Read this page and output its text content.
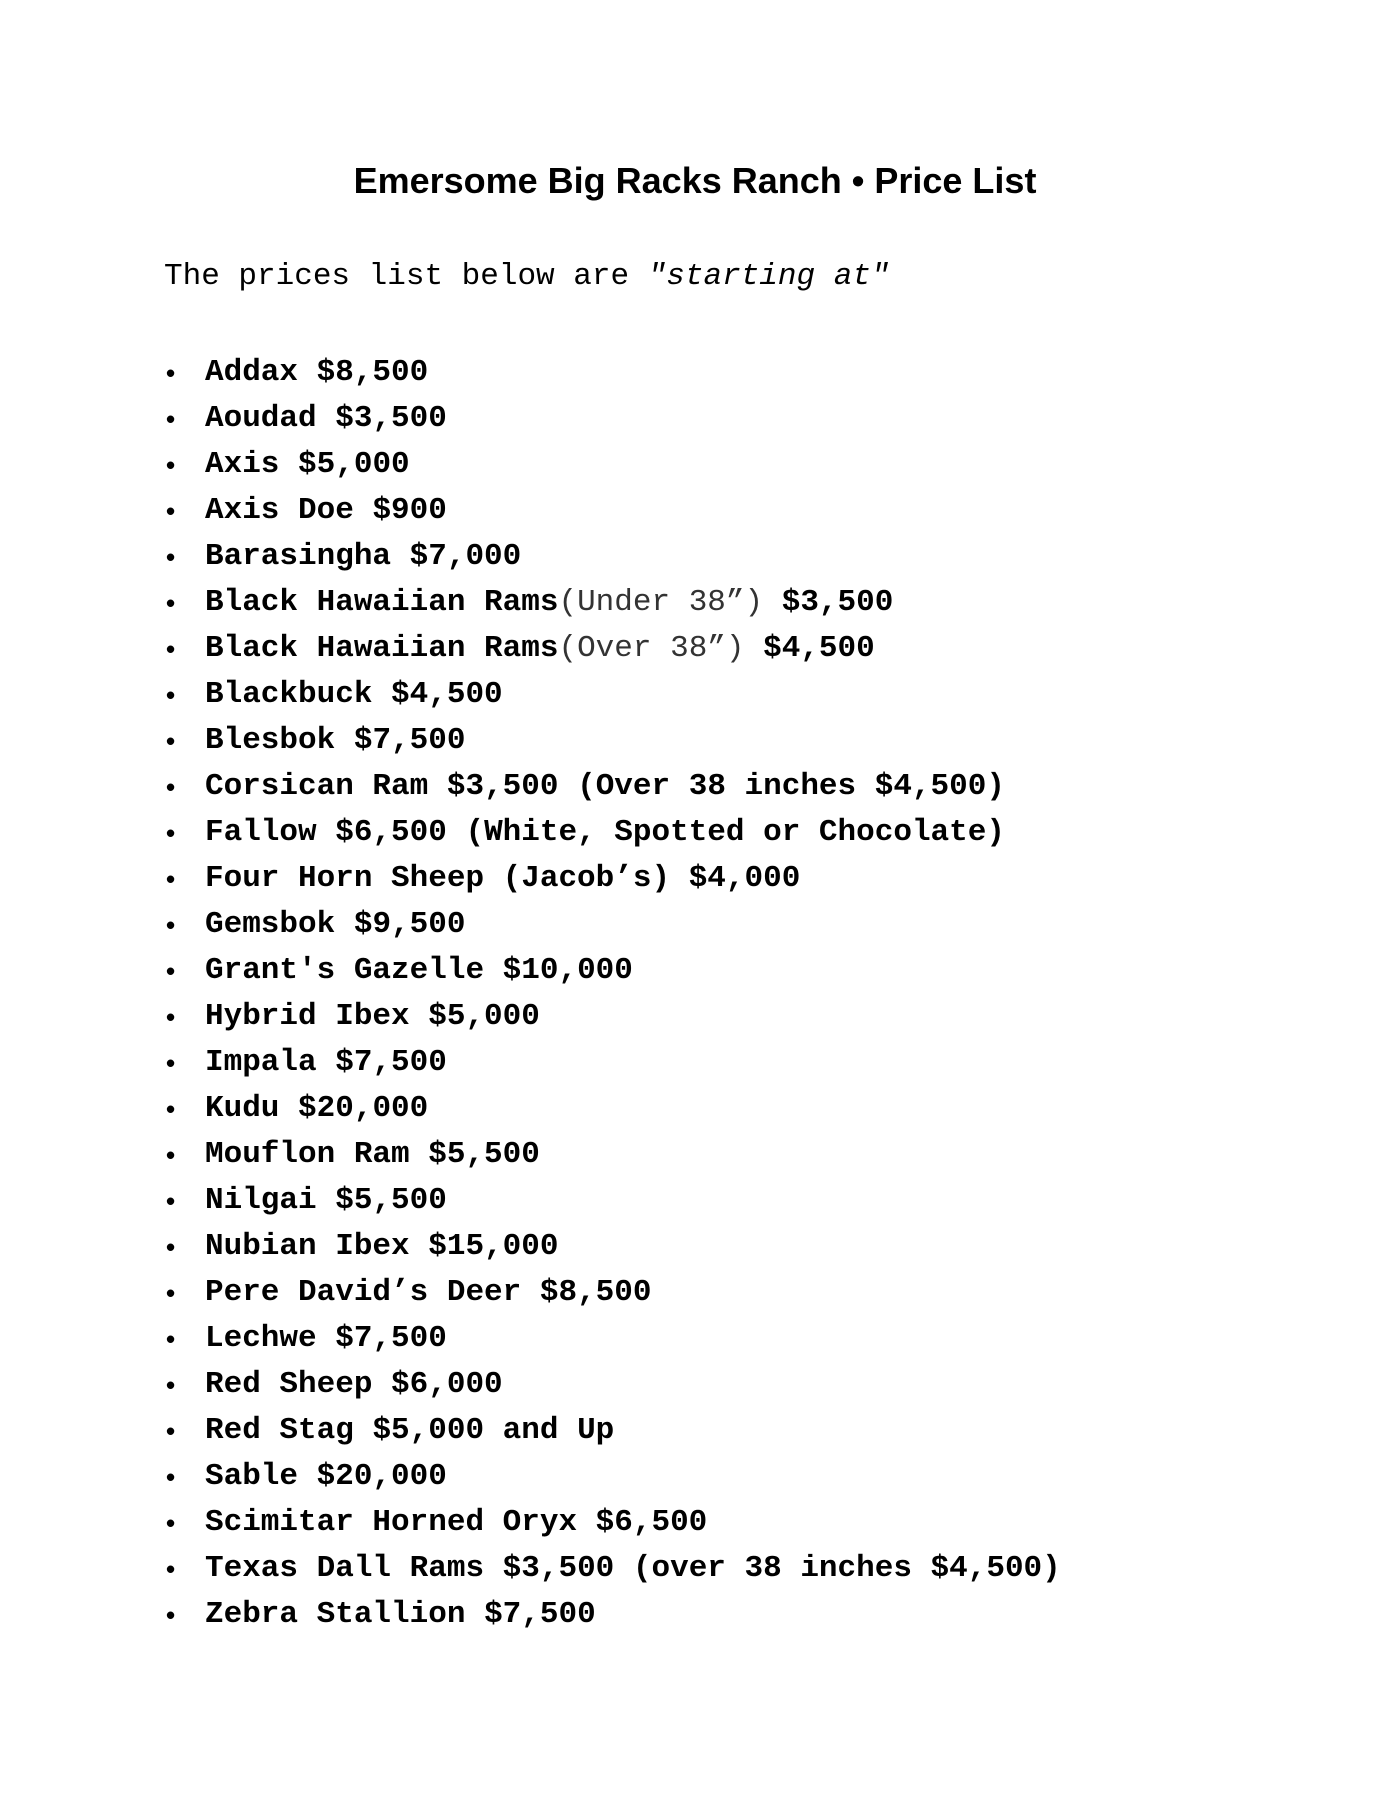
Emersome Big Racks Ranch • Price List
The prices list below are "starting at"
• Addax $8,500
• Aoudad $3,500
• Axis $5,000
• Axis Doe $900
• Barasingha $7,000
• Black Hawaiian Rams(Under 38”) $3,500
• Black Hawaiian Rams(Over 38”) $4,500
• Blackbuck $4,500
• Blesbok $7,500
• Corsican Ram $3,500 (Over 38 inches $4,500)
• Fallow $6,500 (White, Spotted or Chocolate)
• Four Horn Sheep (Jacob’s) $4,000
• Gemsbok $9,500
• Grant's Gazelle $10,000
• Hybrid Ibex $5,000
• Impala $7,500
• Kudu $20,000
• Mouflon Ram $5,500
• Nilgai $5,500
• Nubian Ibex $15,000
• Pere David’s Deer $8,500
• Lechwe $7,500
• Red Sheep $6,000
• Red Stag $5,000 and Up
• Sable $20,000
• Scimitar Horned Oryx $6,500
• Texas Dall Rams $3,500 (over 38 inches $4,500)
• Zebra Stallion $7,500
